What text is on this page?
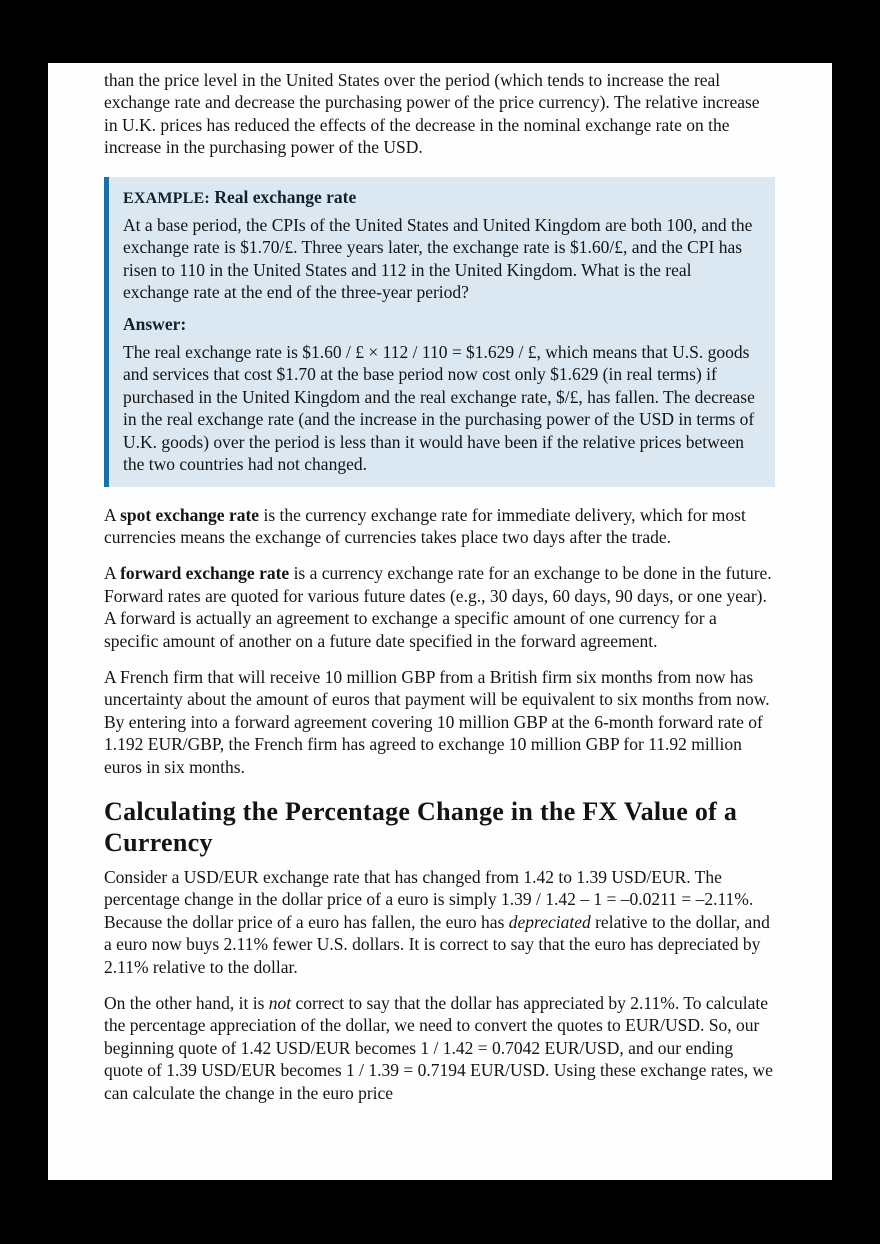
than the price level in the United States over the period (which tends to increase the real exchange rate and decrease the purchasing power of the price currency). The relative increase in U.K. prices has reduced the effects of the decrease in the nominal exchange rate on the increase in the purchasing power of the USD.

EXAMPLE: Real exchange rate

At a base period, the CPIs of the United States and United Kingdom are both 100, and the exchange rate is $1.70/£. Three years later, the exchange rate is $1.60/£, and the CPI has risen to 110 in the United States and 112 in the United Kingdom. What is the real exchange rate at the end of the three-year period?

Answer:

The real exchange rate is $1.60 / £ × 112 / 110 = $1.629 / £, which means that U.S. goods and services that cost $1.70 at the base period now cost only $1.629 (in real terms) if purchased in the United Kingdom and the real exchange rate, $/£, has fallen. The decrease in the real exchange rate (and the increase in the purchasing power of the USD in terms of U.K. goods) over the period is less than it would have been if the relative prices between the two countries had not changed.

A spot exchange rate is the currency exchange rate for immediate delivery, which for most currencies means the exchange of currencies takes place two days after the trade.

A forward exchange rate is a currency exchange rate for an exchange to be done in the future. Forward rates are quoted for various future dates (e.g., 30 days, 60 days, 90 days, or one year). A forward is actually an agreement to exchange a specific amount of one currency for a specific amount of another on a future date specified in the forward agreement.

A French firm that will receive 10 million GBP from a British firm six months from now has uncertainty about the amount of euros that payment will be equivalent to six months from now. By entering into a forward agreement covering 10 million GBP at the 6-month forward rate of 1.192 EUR/GBP, the French firm has agreed to exchange 10 million GBP for 11.92 million euros in six months.

Calculating the Percentage Change in the FX Value of a Currency

Consider a USD/EUR exchange rate that has changed from 1.42 to 1.39 USD/EUR. The percentage change in the dollar price of a euro is simply 1.39 / 1.42 – 1 = –0.0211 = –2.11%. Because the dollar price of a euro has fallen, the euro has depreciated relative to the dollar, and a euro now buys 2.11% fewer U.S. dollars. It is correct to say that the euro has depreciated by 2.11% relative to the dollar.

On the other hand, it is not correct to say that the dollar has appreciated by 2.11%. To calculate the percentage appreciation of the dollar, we need to convert the quotes to EUR/USD. So, our beginning quote of 1.42 USD/EUR becomes 1 / 1.42 = 0.7042 EUR/USD, and our ending quote of 1.39 USD/EUR becomes 1 / 1.39 = 0.7194 EUR/USD. Using these exchange rates, we can calculate the change in the euro price
